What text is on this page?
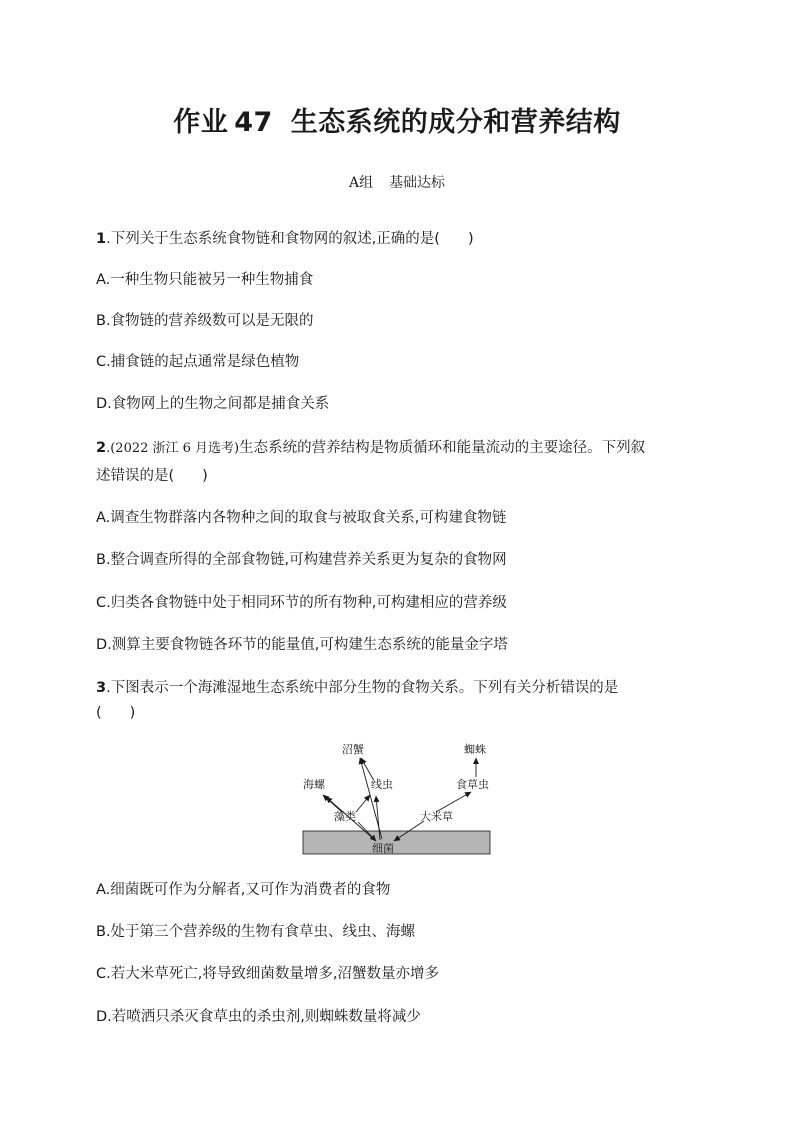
作业 47 生态系统的成分和营养结构
A组 基础达标
1.下列关于生态系统食物链和食物网的叙述,正确的是( )
A.一种生物只能被另一种生物捕食
B.食物链的营养级数可以是无限的
C.捕食链的起点通常是绿色植物
D.食物网上的生物之间都是捕食关系
2.(2022 浙江 6 月选考)生态系统的营养结构是物质循环和能量流动的主要途径。下列叙
述错误的是( )
A.调查生物群落内各物种之间的取食与被取食关系,可构建食物链
B.整合调查所得的全部食物链,可构建营养关系更为复杂的食物网
C.归类各食物链中处于相同环节的所有物种,可构建相应的营养级
D.测算主要食物链各环节的能量值,可构建生态系统的能量金字塔
3.下图表示一个海滩湿地生态系统中部分生物的食物关系。下列有关分析错误的是
( )
沼蟹	蜘蛛
海螺	线虫	食草虫
藻类	大米草
细菌
A.细菌既可作为分解者,又可作为消费者的食物
B.处于第三个营养级的生物有食草虫、线虫、海螺
C.若大米草死亡,将导致细菌数量增多,沼蟹数量亦增多
D.若喷洒只杀灭食草虫的杀虫剂,则蜘蛛数量将减少
